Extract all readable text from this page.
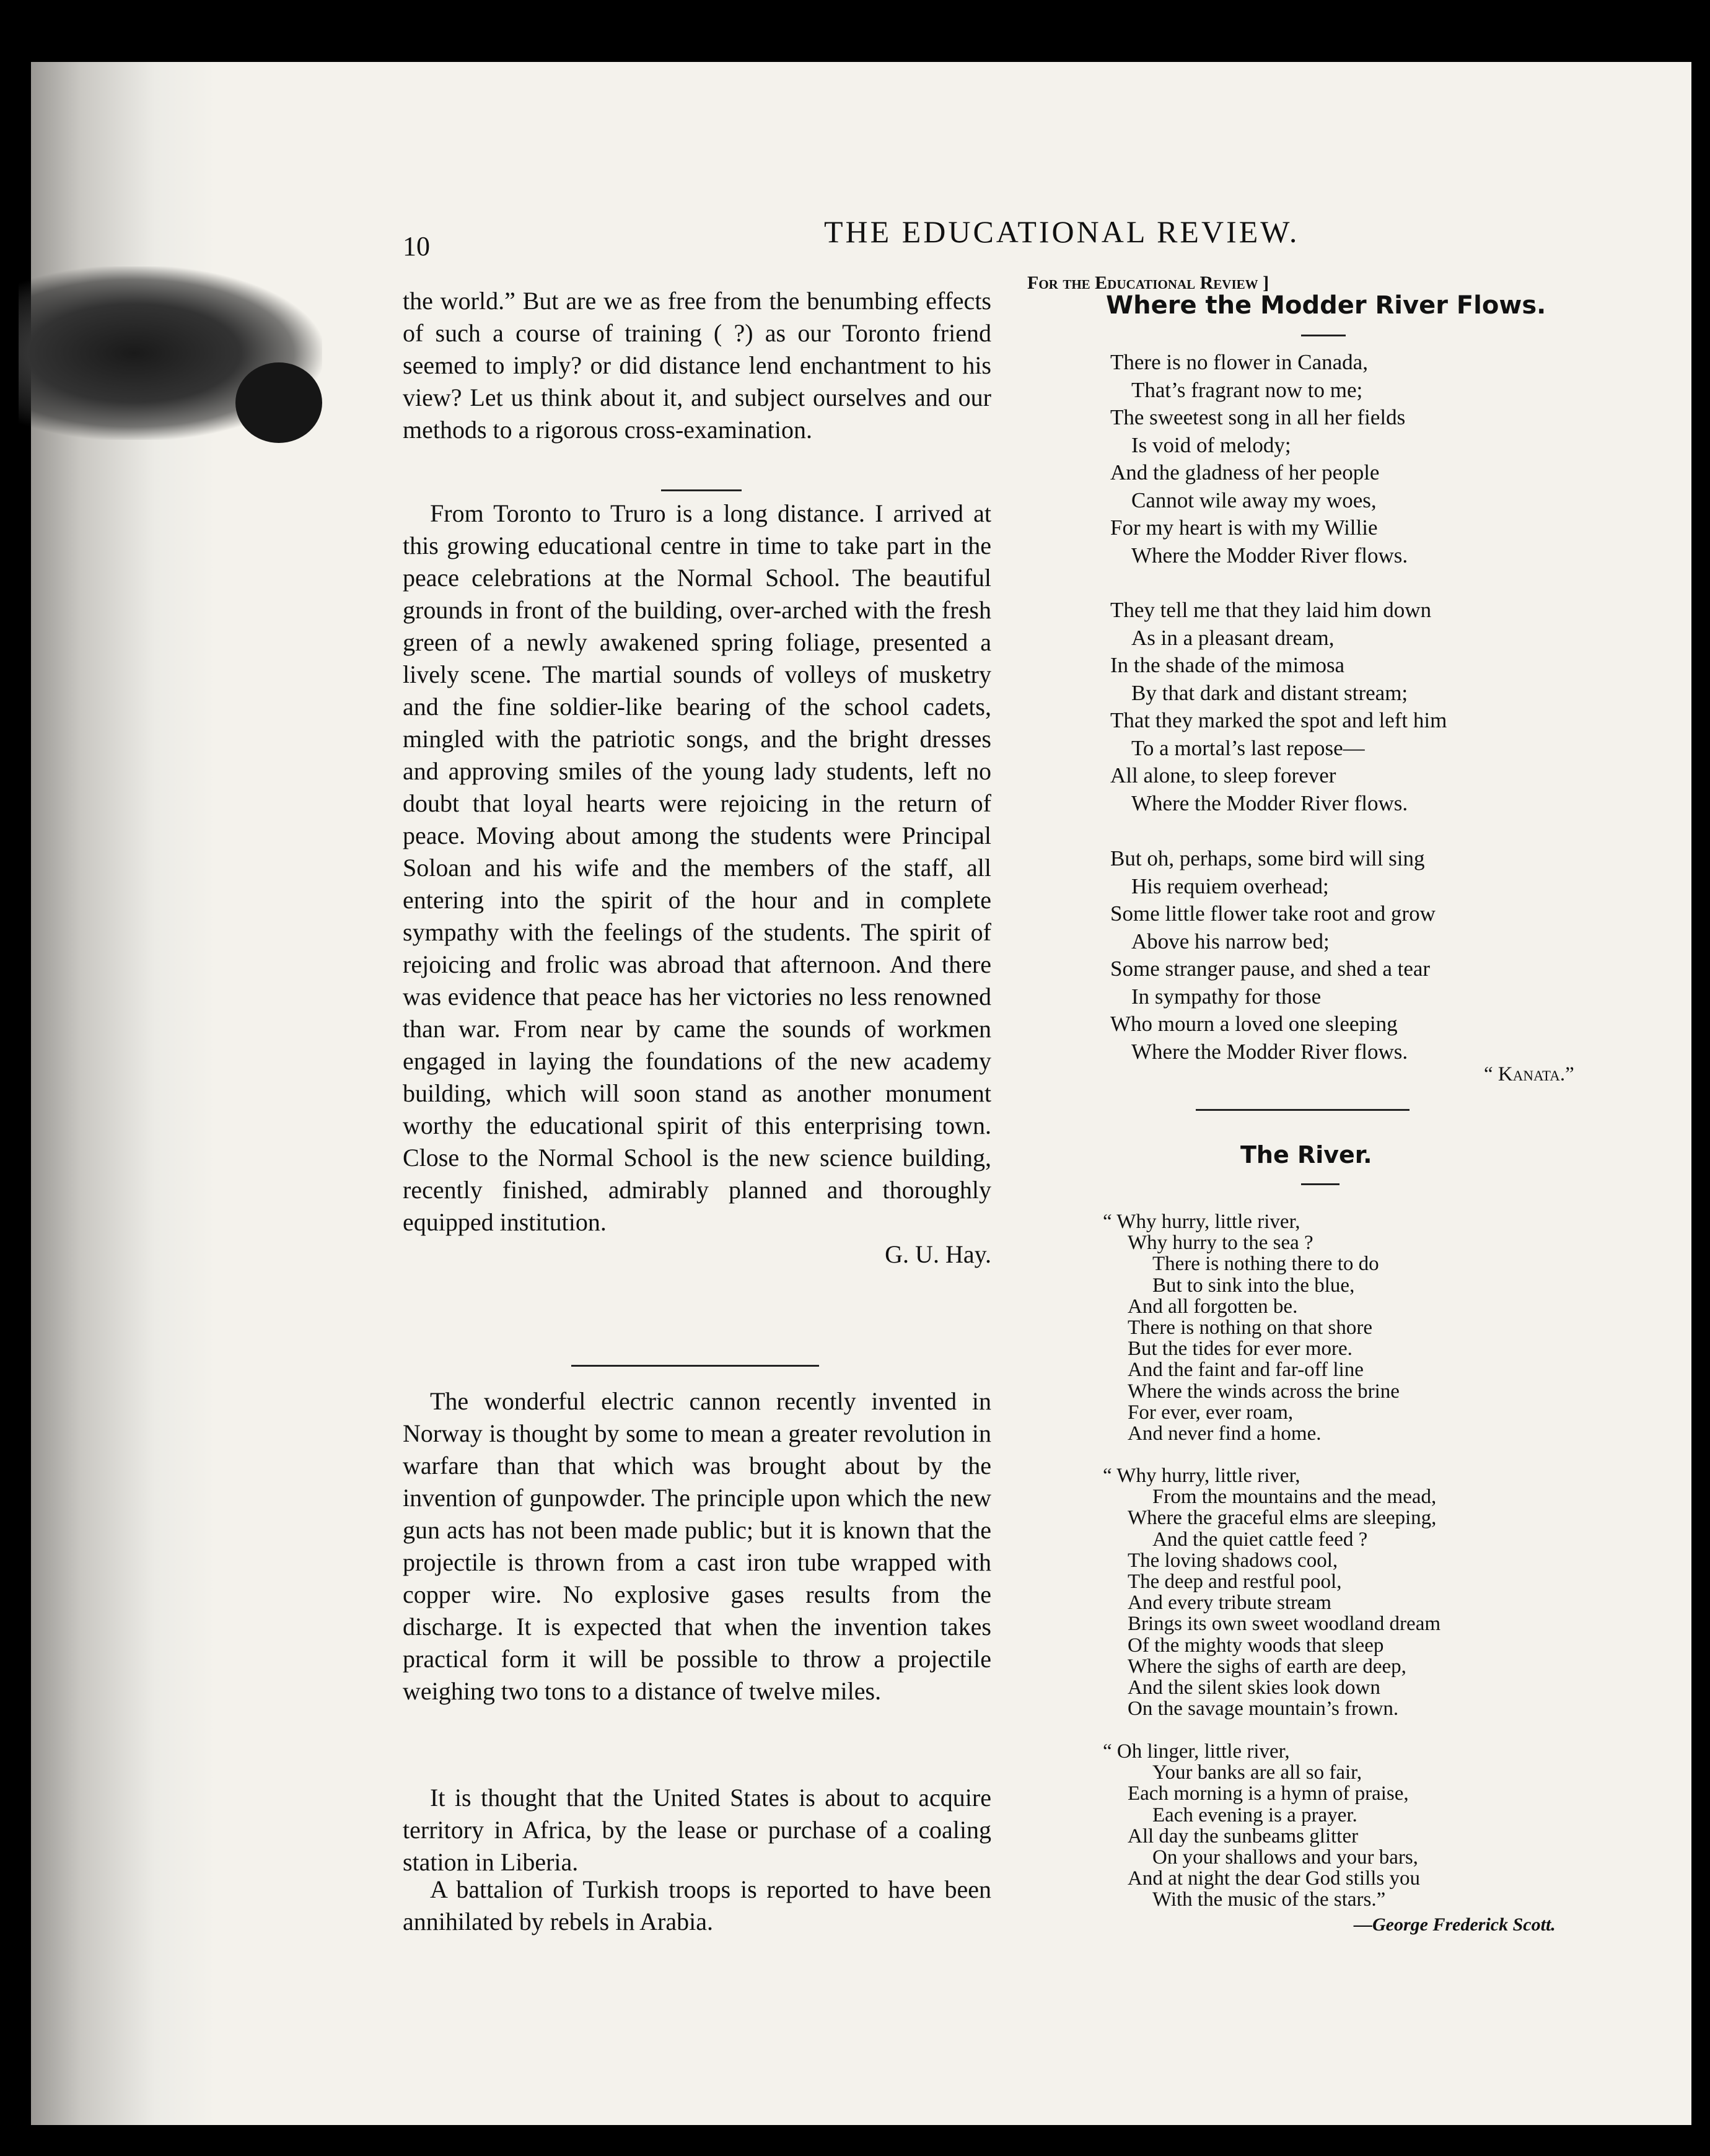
10	THE EDUCATIONAL REVIEW.

the world.” But are we as free from the benumbing effects of such a course of training ( ?) as our Toronto friend seemed to imply? or did distance lend enchantment to his view? Let us think about it, and subject ourselves and our methods to a rigorous cross-examination.

From Toronto to Truro is a long distance. I arrived at this growing educational centre in time to take part in the peace celebrations at the Normal School. The beautiful grounds in front of the building, over-arched with the fresh green of a newly awakened spring foliage, presented a lively scene. The martial sounds of volleys of musketry and the fine soldier-like bearing of the school cadets, mingled with the patriotic songs, and the bright dresses and approving smiles of the young lady students, left no doubt that loyal hearts were rejoicing in the return of peace. Moving about among the students were Principal Soloan and his wife and the members of the staff, all entering into the spirit of the hour and in complete sympathy with the feelings of the students. The spirit of rejoicing and frolic was abroad that afternoon. And there was evidence that peace has her victories no less renowned than war. From near by came the sounds of workmen engaged in laying the foundations of the new academy building, which will soon stand as another monument worthy the educational spirit of this enterprising town. Close to the Normal School is the new science building, recently finished, admirably planned and thoroughly equipped institution.
G. U. Hay.

The wonderful electric cannon recently invented in Norway is thought by some to mean a greater revolution in warfare than that which was brought about by the invention of gunpowder. The principle upon which the new gun acts has not been made public; but it is known that the projectile is thrown from a cast iron tube wrapped with copper wire. No explosive gases results from the discharge. It is expected that when the invention takes practical form it will be possible to throw a projectile weighing two tons to a distance of twelve miles.

It is thought that the United States is about to acquire territory in Africa, by the lease or purchase of a coaling station in Liberia.

A battalion of Turkish troops is reported to have been annihilated by rebels in Arabia.

For the Educational Review ]
Where the Modder River Flows.
There is no flower in Canada,
That’s fragrant now to me;
The sweetest song in all her fields
Is void of melody;
And the gladness of her people
Cannot wile away my woes,
For my heart is with my Willie
Where the Modder River flows.
They tell me that they laid him down
As in a pleasant dream,
In the shade of the mimosa
By that dark and distant stream;
That they marked the spot and left him
To a mortal’s last repose—
All alone, to sleep forever
Where the Modder River flows.
But oh, perhaps, some bird will sing
His requiem overhead;
Some little flower take root and grow
Above his narrow bed;
Some stranger pause, and shed a tear
In sympathy for those
Who mourn a loved one sleeping
Where the Modder River flows.
“ Kanata.”
The River.
“ Why hurry, little river,
Why hurry to the sea ?
There is nothing there to do
But to sink into the blue,
And all forgotten be.
There is nothing on that shore
But the tides for ever more.
And the faint and far-off line
Where the winds across the brine
For ever, ever roam,
And never find a home.
“ Why hurry, little river,
From the mountains and the mead,
Where the graceful elms are sleeping,
And the quiet cattle feed ?
The loving shadows cool,
The deep and restful pool,
And every tribute stream
Brings its own sweet woodland dream
Of the mighty woods that sleep
Where the sighs of earth are deep,
And the silent skies look down
On the savage mountain’s frown.
“ Oh linger, little river,
Your banks are all so fair,
Each morning is a hymn of praise,
Each evening is a prayer.
All day the sunbeams glitter
On your shallows and your bars,
And at night the dear God stills you
With the music of the stars.”
—George Frederick Scott.
